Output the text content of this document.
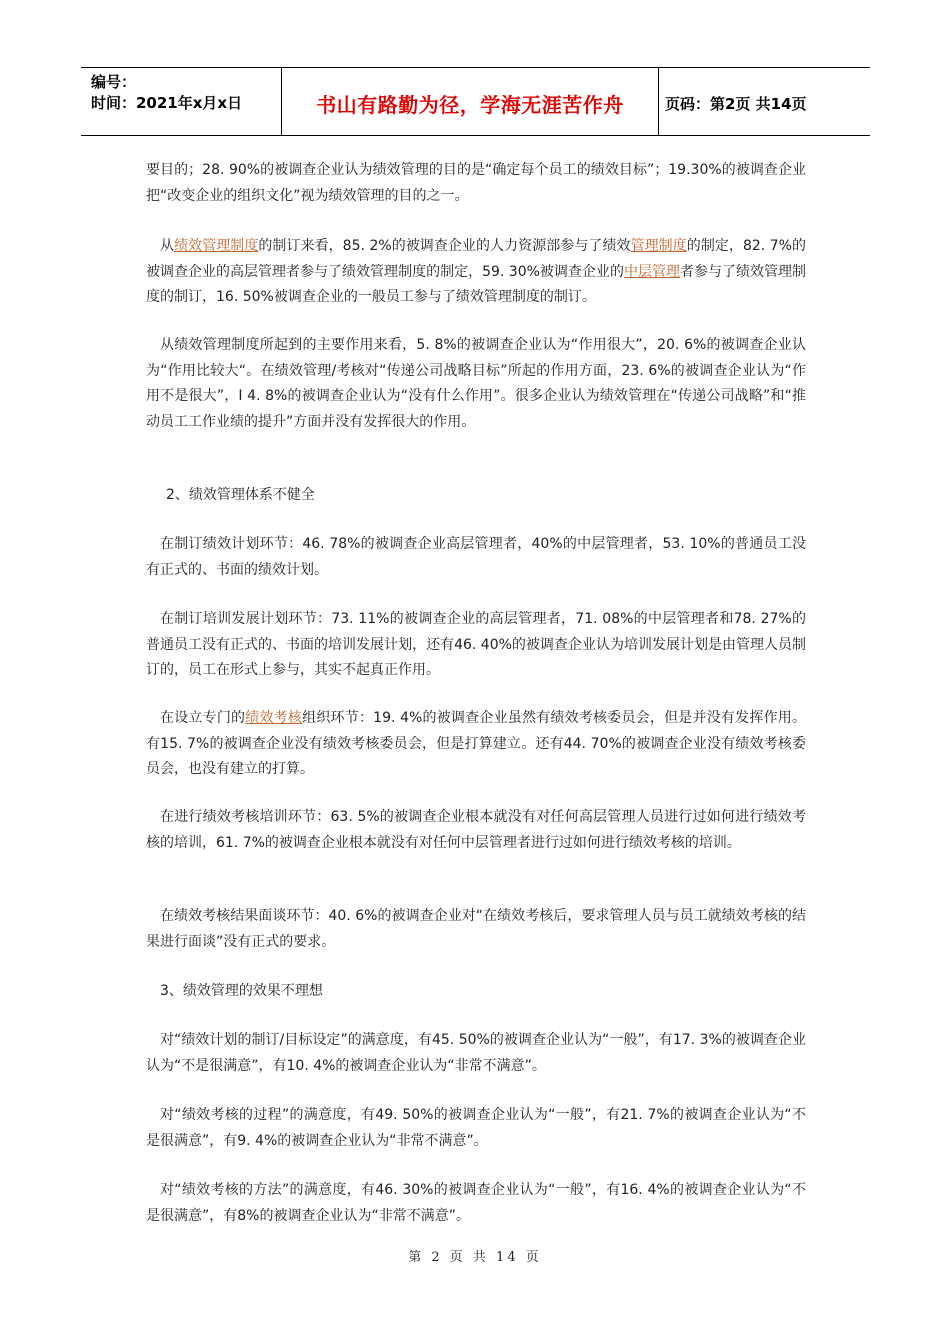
编号：
时间：2021年x月x日	书山有路勤为径，学海无涯苦作舟	页码：第2页 共14页

要目的；28. 90%的被调查企业认为绩效管理的目的是“确定每个员工的绩效目标”；19.30%的被调查企业把“改变企业的组织文化”视为绩效管理的目的之一。

从绩效管理制度的制订来看，85. 2%的被调查企业的人力资源部参与了绩效管理制度的制定，82. 7%的被调查企业的高层管理者参与了绩效管理制度的制定，59. 30%被调查企业的中层管理者参与了绩效管理制度的制订，16. 50%被调查企业的一般员工参与了绩效管理制度的制订。

从绩效管理制度所起到的主要作用来看，5. 8%的被调查企业认为“作用很大”，20. 6%的被调查企业认为“作用比较大“。在绩效管理/考核对“传递公司战略目标”所起的作用方面，23. 6%的被调查企业认为“作用不是很大”，I 4. 8%的被调查企业认为“没有什么作用”。很多企业认为绩效管理在“传递公司战略”和“推动员工工作业绩的提升”方面并没有发挥很大的作用。

2、绩效管理体系不健全

在制订绩效计划环节：46. 78%的被调查企业高层管理者，40%的中层管理者，53. 10%的普通员工没有正式的、书面的绩效计划。

在制订培训发展计划环节：73. 11%的被调查企业的高层管理者，71. 08%的中层管理者和78. 27%的普通员工没有正式的、书面的培训发展计划，还有46. 40%的被调查企业认为培训发展计划是由管理人员制订的，员工在形式上参与，其实不起真正作用。

在设立专门的绩效考核组织环节：19. 4%的被调查企业虽然有绩效考核委员会，但是并没有发挥作用。有15. 7%的被调查企业没有绩效考核委员会，但是打算建立。还有44. 70%的被调查企业没有绩效考核委员会，也没有建立的打算。

在进行绩效考核培训环节：63. 5%的被调查企业根本就没有对任何高层管理人员进行过如何进行绩效考核的培训，61. 7%的被调查企业根本就没有对任何中层管理者进行过如何进行绩效考核的培训。

在绩效考核结果面谈环节：40. 6%的被调查企业对“在绩效考核后，要求管理人员与员工就绩效考核的结果进行面谈”没有正式的要求。

3、绩效管理的效果不理想

对“绩效计划的制订/目标设定”的满意度，有45. 50%的被调查企业认为“一般”，有17. 3%的被调查企业认为“不是很满意”，有10. 4%的被调查企业认为“非常不满意”。

对“绩效考核的过程”的满意度，有49. 50%的被调查企业认为“一般”，有21. 7%的被调查企业认为“不是很满意”，有9. 4%的被调查企业认为“非常不满意”。

对“绩效考核的方法”的满意度，有46. 30%的被调查企业认为“一般”，有16. 4%的被调查企业认为“不是很满意”，有8%的被调查企业认为“非常不满意”。

第 2 页 共 14 页
